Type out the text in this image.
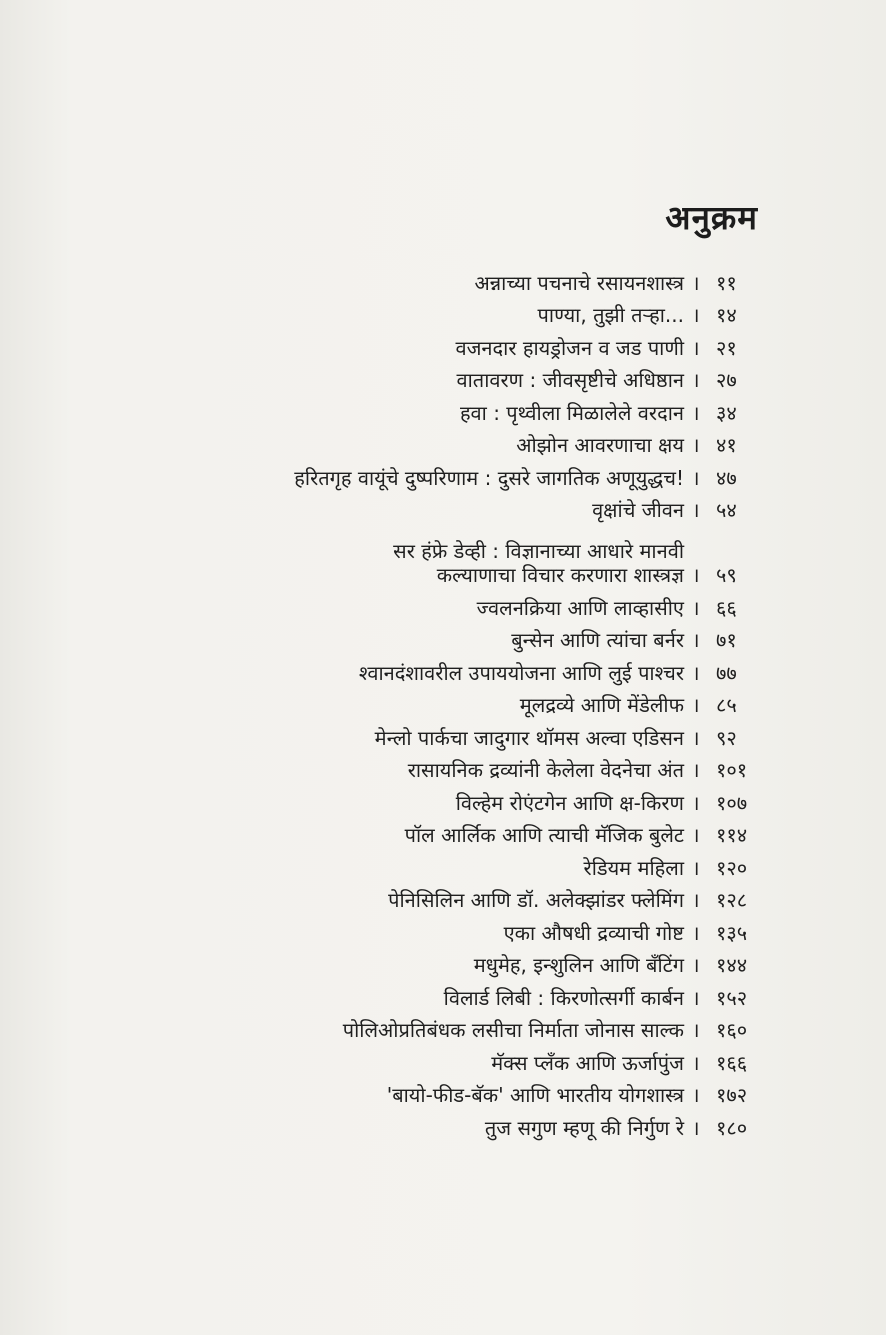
अनुक्रम
अन्नाच्या पचनाचे रसायनशास्त्र । ११
पाण्या, तुझी तऱ्हा... । १४
वजनदार हायड्रोजन व जड पाणी । २१
वातावरण : जीवसृष्टीचे अधिष्ठान । २७
हवा : पृथ्वीला मिळालेले वरदान । ३४
ओझोन आवरणाचा क्षय । ४१
हरितगृह वायूंचे दुष्परिणाम : दुसरे जागतिक अणूयुद्धच! । ४७
वृक्षांचे जीवन । ५४
सर हंफ्रे डेव्ही : विज्ञानाच्या आधारे मानवी
कल्याणाचा विचार करणारा शास्त्रज्ञ । ५९
ज्वलनक्रिया आणि लाव्हासीए । ६६
बुन्सेन आणि त्यांचा बर्नर । ७१
श्वानदंशावरील उपाययोजना आणि लुई पाश्चर । ७७
मूलद्रव्ये आणि मेंडेलीफ । ८५
मेन्लो पार्कचा जादुगार थॉमस अल्वा एडिसन । ९२
रासायनिक द्रव्यांनी केलेला वेदनेचा अंत । १०१
विल्हेम रोएंटगेन आणि क्ष-किरण । १०७
पॉल आर्लिक आणि त्याची मॅजिक बुलेट । ११४
रेडियम महिला । १२०
पेनिसिलिन आणि डॉ. अलेक्झांडर फ्लेमिंग । १२८
एका औषधी द्रव्याची गोष्ट । १३५
मधुमेह, इन्शुलिन आणि बॅंटिंग । १४४
विलार्ड लिबी : किरणोत्सर्गी कार्बन । १५२
पोलिओप्रतिबंधक लसीचा निर्माता जोनास साल्क । १६०
मॅक्स प्लॅंक आणि ऊर्जापुंज । १६६
'बायो-फीड-बॅक' आणि भारतीय योगशास्त्र । १७२
तुज सगुण म्हणू की निर्गुण रे । १८०
